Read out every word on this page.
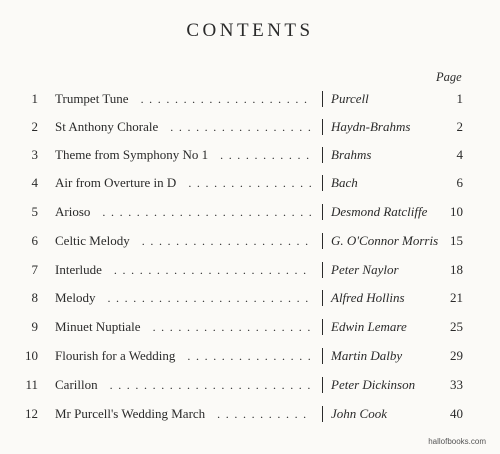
CONTENTS
Page
1 Trumpet Tune .................... Purcell	1
2 St Anthony Chorale ................. Haydn-Brahms	2
3 Theme from Symphony No 1 ........... Brahms	4
4 Air from Overture in D ............... Bach	6
5 Arioso ......................... Desmond Ratcliffe	10
6 Celtic Melody .................... G. O'Connor Morris 15
7 Interlude ....................... Peter Naylor	18
8 Melody ........................ Alfred Hollins	21
9 Minuet Nuptiale ................... Edwin Lemare	25
10 Flourish for a Wedding ............... Martin Dalby	29
11 Carillon ........................ Peter Dickinson	33
12 Mr Purcell's Wedding March ........... John Cook	40
hallofbooks.com
